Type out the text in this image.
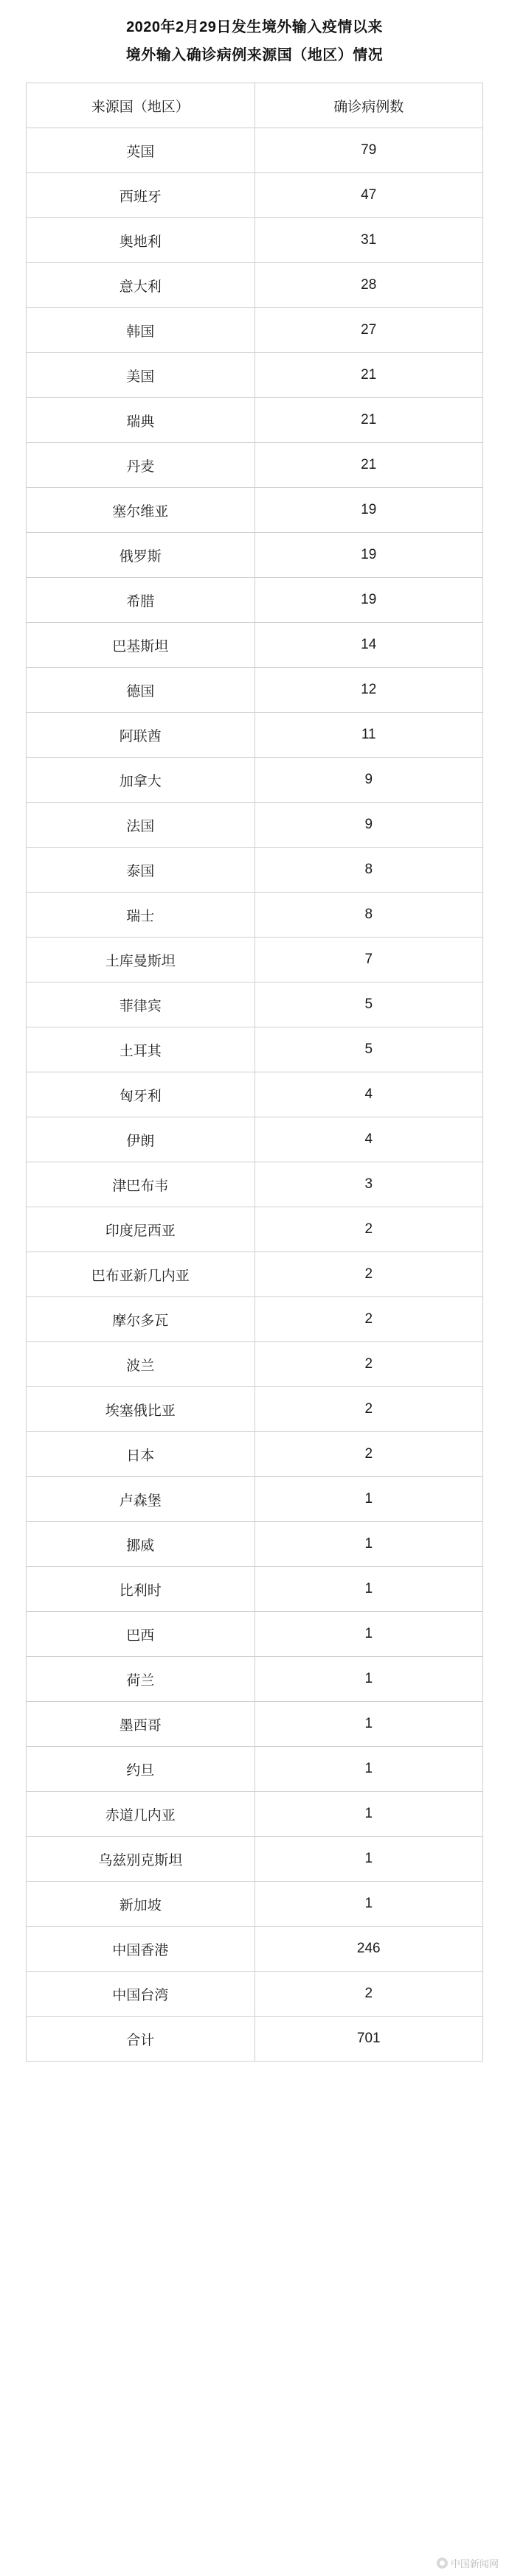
2020年2月29日发生境外输入疫情以来
境外输入确诊病例来源国（地区）情况
来源国（地区）	确诊病例数
英国	79
西班牙	47
奥地利	31
意大利	28
韩国	27
美国	21
瑞典	21
丹麦	21
塞尔维亚	19
俄罗斯	19
希腊	19
巴基斯坦	14
德国	12
阿联酋	11
加拿大	9
法国	9
泰国	8
瑞士	8
土库曼斯坦	7
菲律宾	5
土耳其	5
匈牙利	4
伊朗	4
津巴布韦	3
印度尼西亚	2
巴布亚新几内亚	2
摩尔多瓦	2
波兰	2
埃塞俄比亚	2
日本	2
卢森堡	1
挪威	1
比利时	1
巴西	1
荷兰	1
墨西哥	1
约旦	1
赤道几内亚	1
乌兹别克斯坦	1
新加坡	1
中国香港	246
中国台湾	2
合计	701
中国新闻网
